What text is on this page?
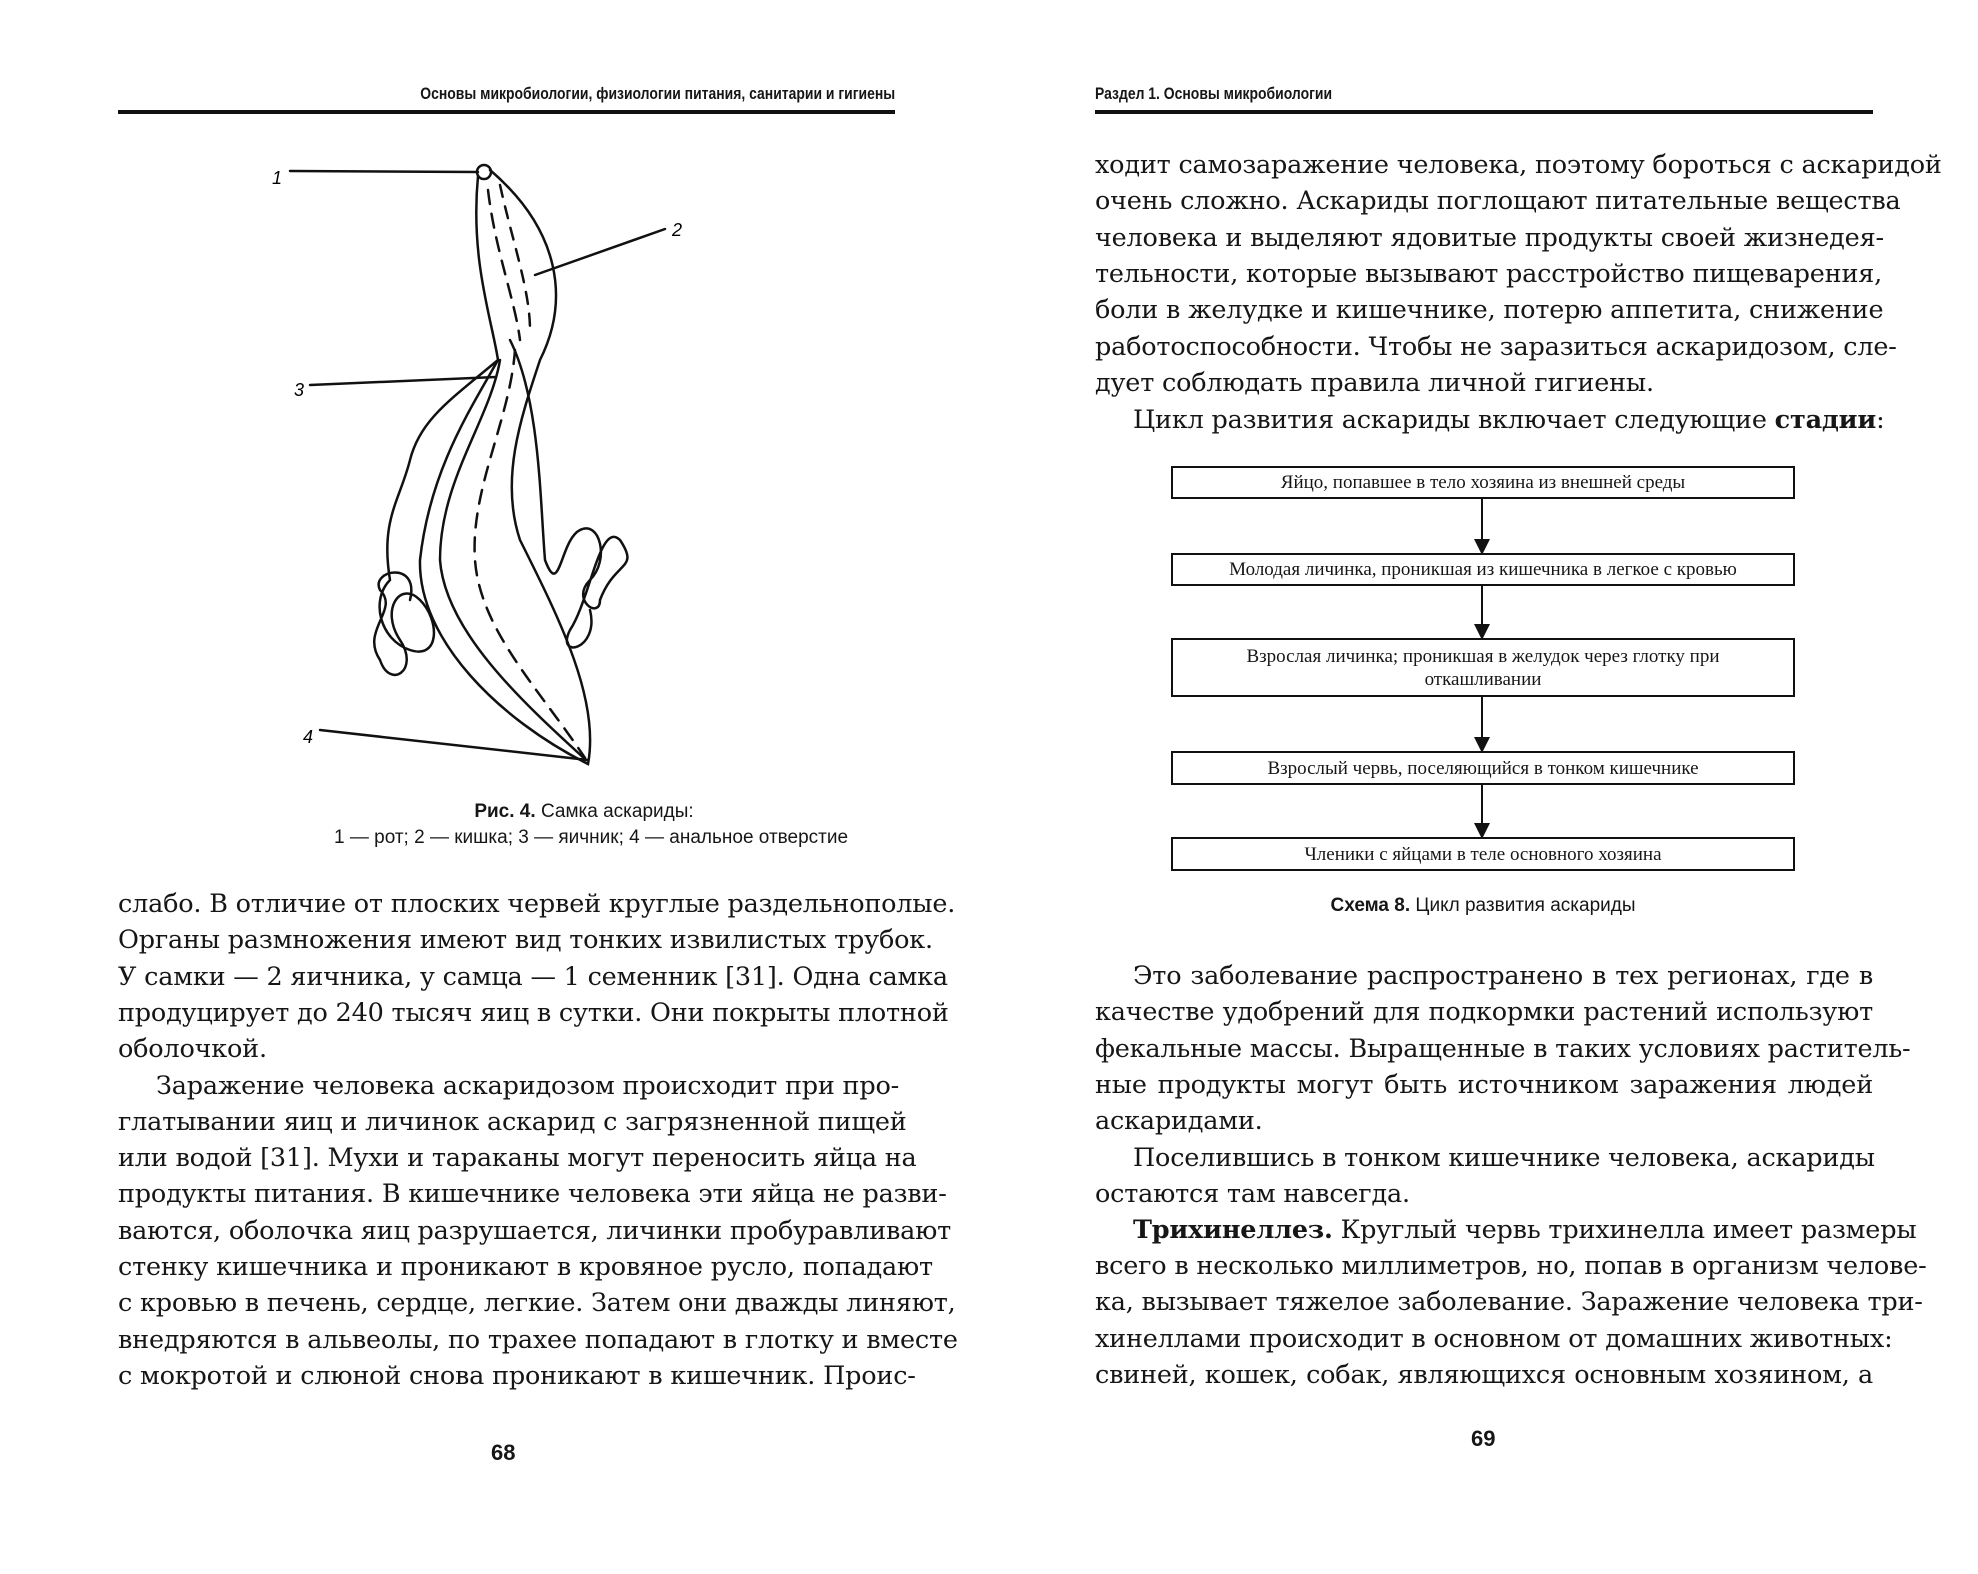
Основы микробиологии, физиологии питания, санитарии и гигиены
1
2
3
4
Рис. 4. Самка аскариды:
1 — рот; 2 — кишка; 3 — яичник; 4 — анальное отверстие
слабо. В отличие от плоских червей круглые раздельнополые.
Органы размножения имеют вид тонких извилистых трубок.
У самки — 2 яичника, у самца — 1 семенник [31]. Одна самка
продуцирует до 240 тысяч яиц в сутки. Они покрыты плотной
оболочкой.
Заражение человека аскаридозом происходит при про-
глатывании яиц и личинок аскарид с загрязненной пищей
или водой [31]. Мухи и тараканы могут переносить яйца на
продукты питания. В кишечнике человека эти яйца не разви-
ваются, оболочка яиц разрушается, личинки пробуравливают
стенку кишечника и проникают в кровяное русло, попадают
с кровью в печень, сердце, легкие. Затем они дважды линяют,
внедряются в альвеолы, по трахее попадают в глотку и вместе
с мокротой и слюной снова проникают в кишечник. Проис-
68
Раздел 1. Основы микробиологии
ходит самозаражение человека, поэтому бороться с аскаридой
очень сложно. Аскариды поглощают питательные вещества
человека и выделяют ядовитые продукты своей жизнедея-
тельности, которые вызывают расстройство пищеварения,
боли в желудке и кишечнике, потерю аппетита, снижение
работоспособности. Чтобы не заразиться аскаридозом, сле-
дует соблюдать правила личной гигиены.
Цикл развития аскариды включает следующие стадии:
Яйцо, попавшее в тело хозяина из внешней среды
Молодая личинка, проникшая из кишечника в легкое с кровью
Взрослая личинка; проникшая в желудок через глотку при откашливании
Взрослый червь, поселяющийся в тонком кишечнике
Членики с яйцами в теле основного хозяина
Схема 8. Цикл развития аскариды
Это заболевание распространено в тех регионах, где в
качестве удобрений для подкормки растений используют
фекальные массы. Выращенные в таких условиях раститель-
ные продукты могут быть источником заражения людей
аскаридами.
Поселившись в тонком кишечнике человека, аскариды
остаются там навсегда.
Трихинеллез. Круглый червь трихинелла имеет размеры
всего в несколько миллиметров, но, попав в организм челове-
ка, вызывает тяжелое заболевание. Заражение человека три-
хинеллами происходит в основном от домашних животных:
свиней, кошек, собак, являющихся основным хозяином, а
69
